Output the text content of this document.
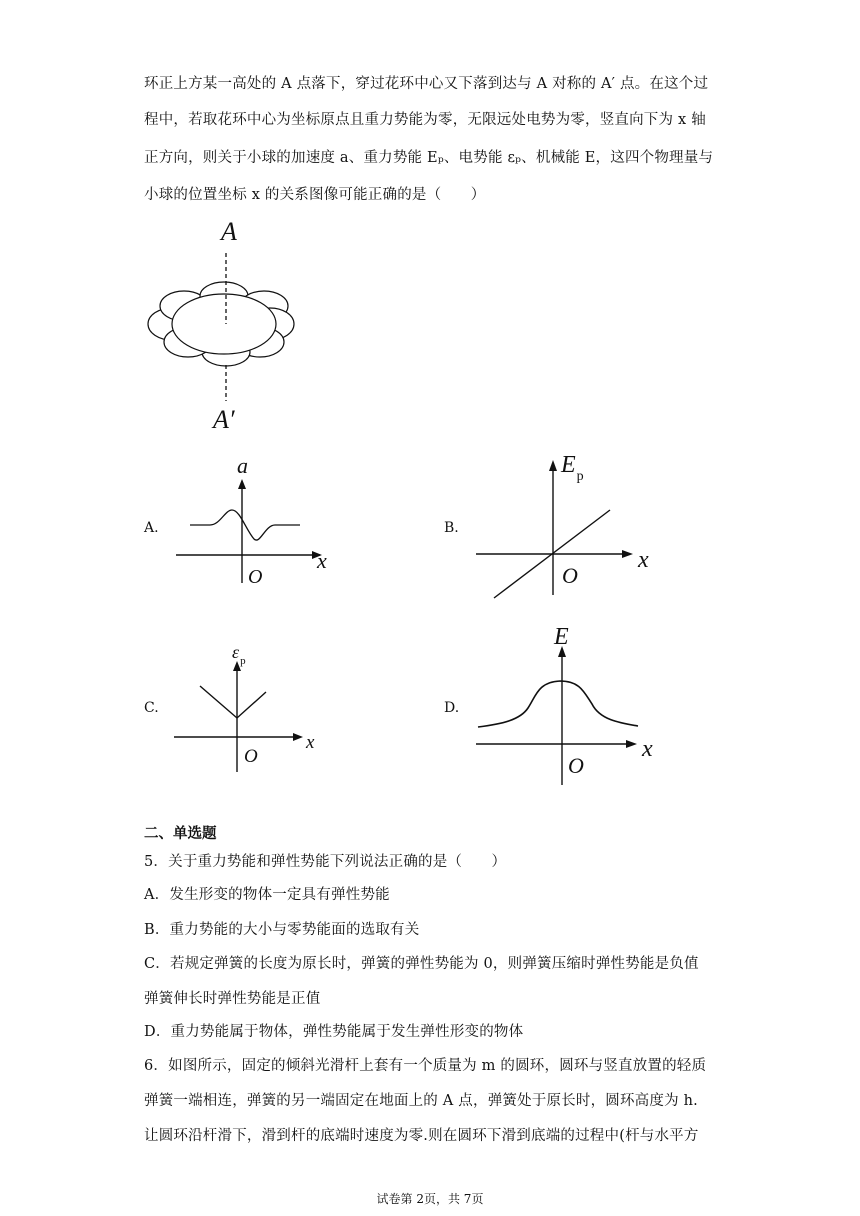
环正上方某一高处的 A 点落下，穿过花环中心又下落到达与 A 对称的 A′ 点。在这个过
程中，若取花环中心为坐标原点且重力势能为零，无限远处电势为零，竖直向下为 x 轴
正方向，则关于小球的加速度 a、重力势能 Eₚ、电势能 εₚ、机械能 E，这四个物理量与
小球的位置坐标 x 的关系图像可能正确的是（　　）
A
A′
A.
a
x
O
B.
$E_p$
x
O
C.
$\varepsilon_p$
x
O
D.
E
x
O
二、单选题
5．关于重力势能和弹性势能下列说法正确的是（　　）
A．发生形变的物体一定具有弹性势能
B．重力势能的大小与零势能面的选取有关
C．若规定弹簧的长度为原长时，弹簧的弹性势能为 0，则弹簧压缩时弹性势能是负值
弹簧伸长时弹性势能是正值
D．重力势能属于物体，弹性势能属于发生弹性形变的物体
6．如图所示，固定的倾斜光滑杆上套有一个质量为 m 的圆环，圆环与竖直放置的轻质
弹簧一端相连，弹簧的另一端固定在地面上的 A 点，弹簧处于原长时，圆环高度为 h.
让圆环沿杆滑下，滑到杆的底端时速度为零.则在圆环下滑到底端的过程中(杆与水平方
试卷第 2页，共 7页
